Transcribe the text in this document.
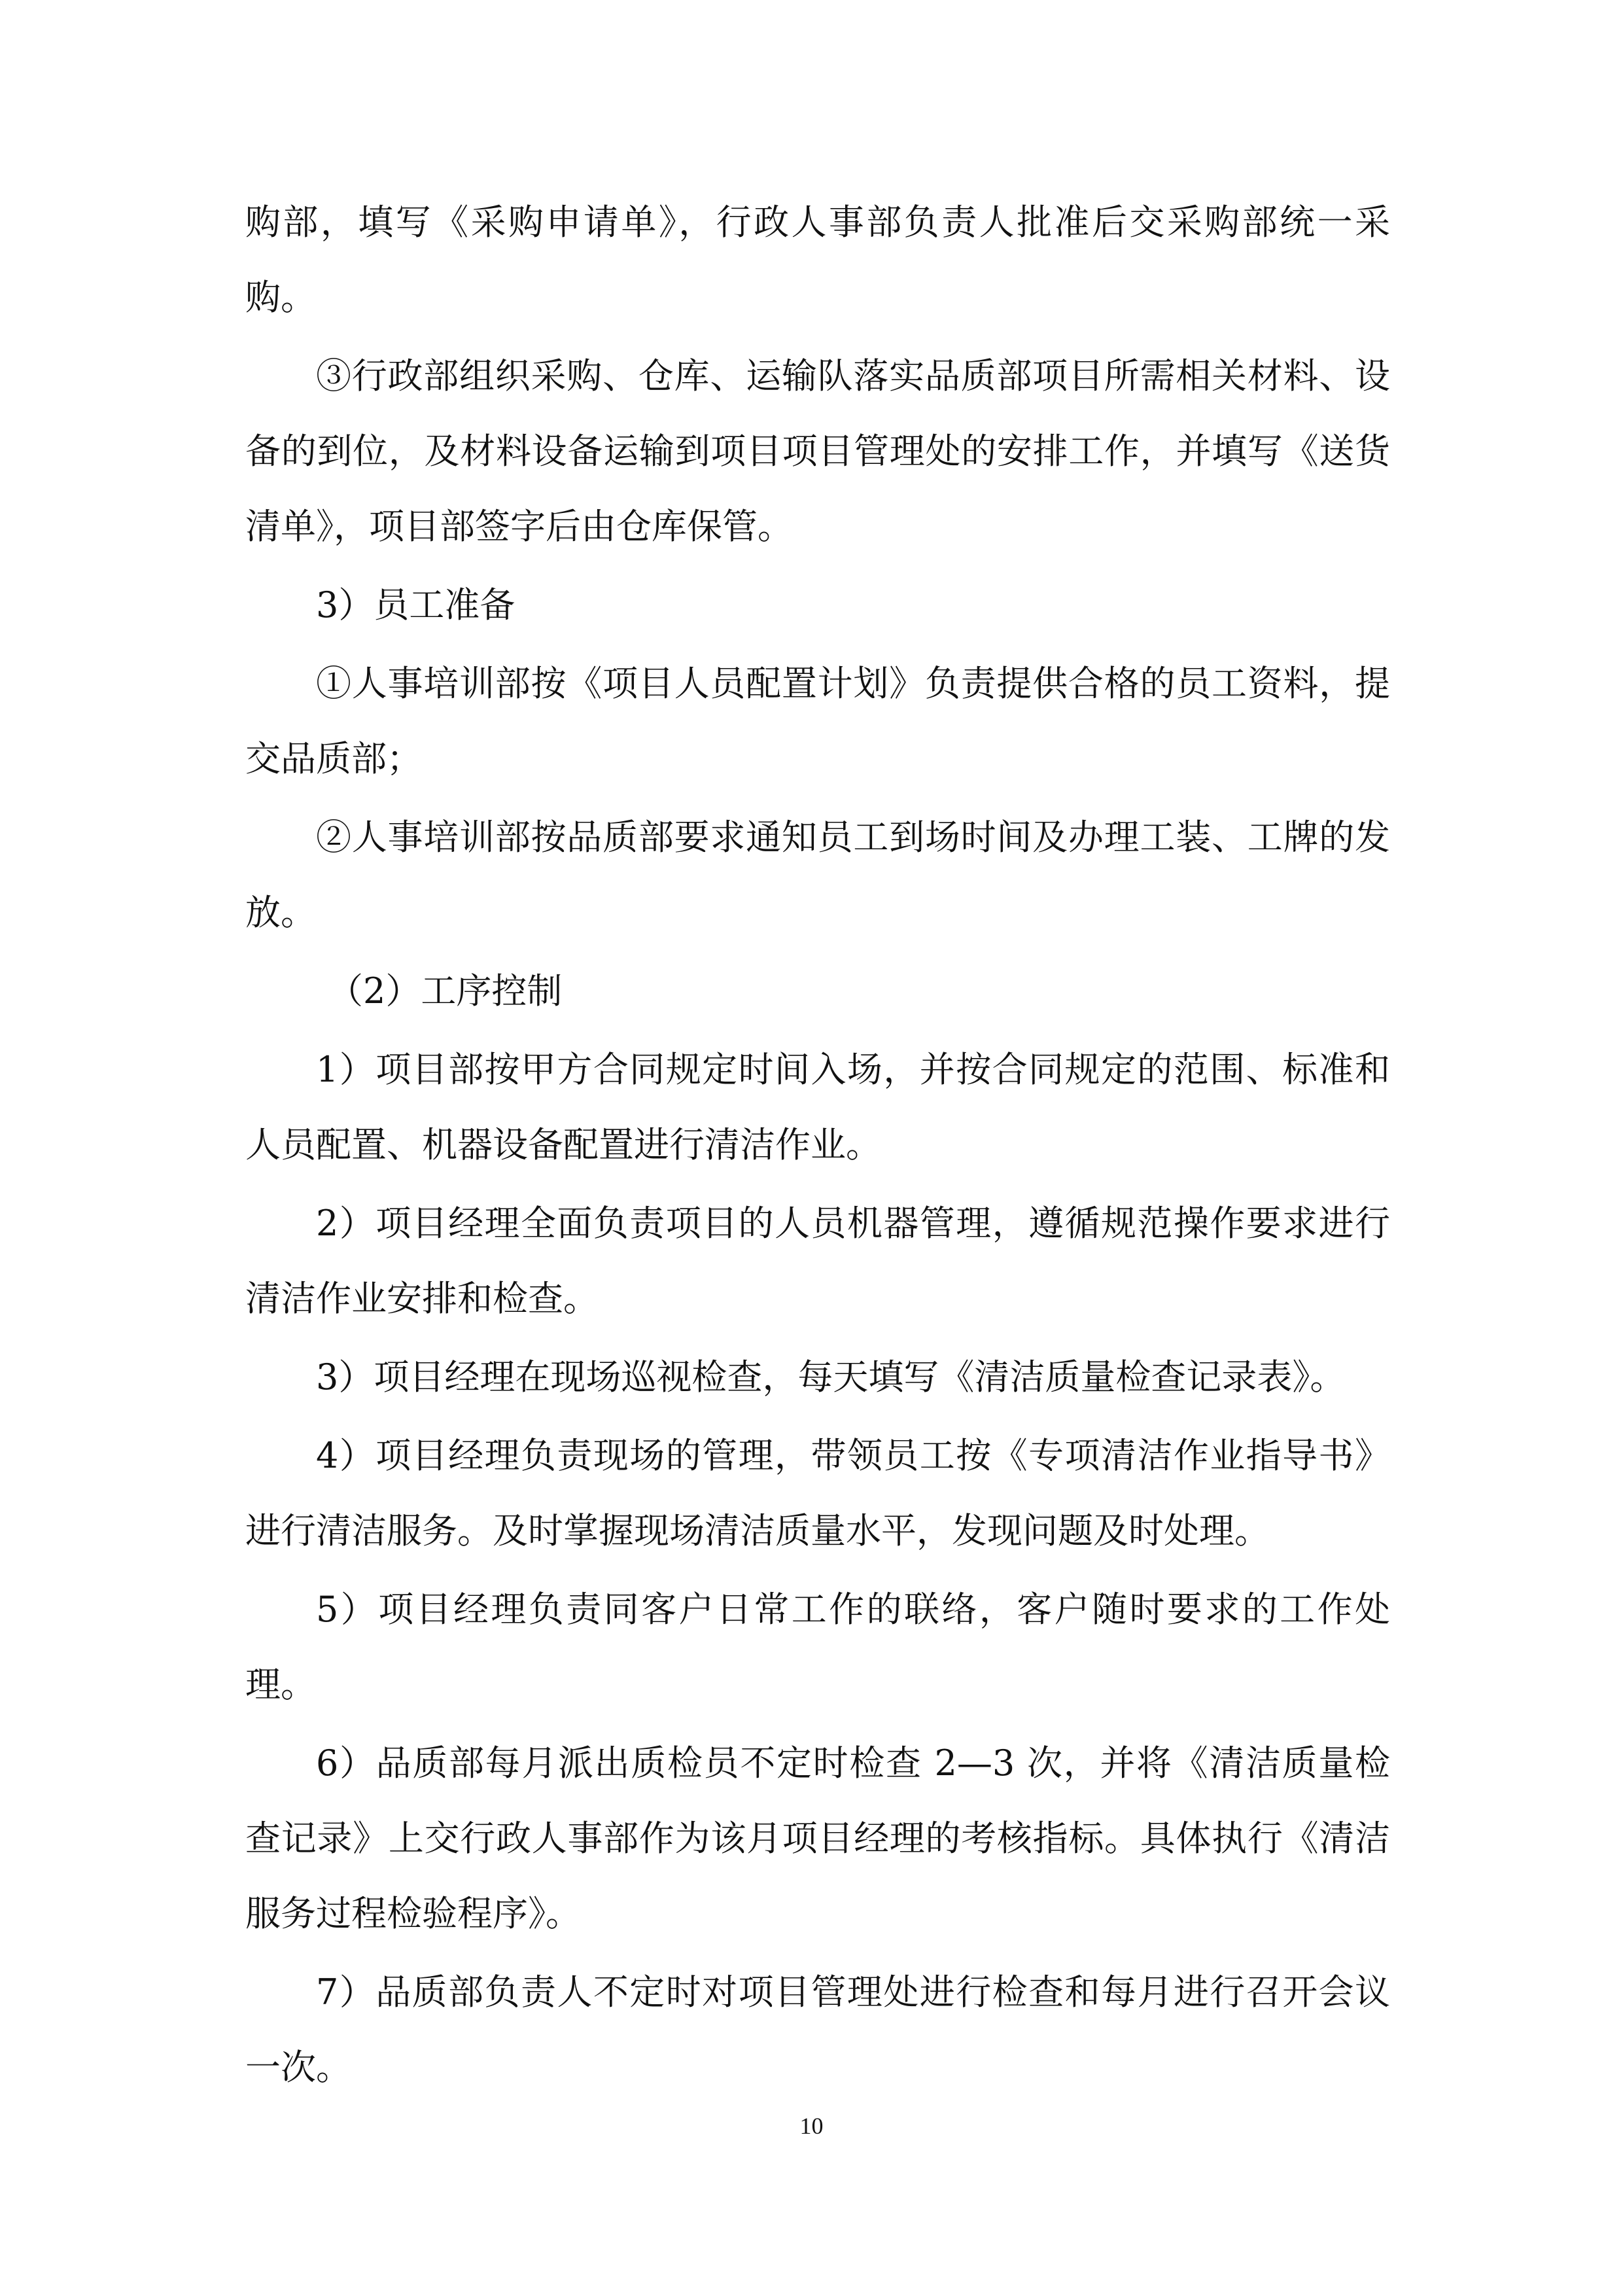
购部，填写《采购申请单》，行政人事部负责人批准后交采购部统一采购。

③行政部组织采购、仓库、运输队落实品质部项目所需相关材料、设备的到位，及材料设备运输到项目项目管理处的安排工作，并填写《送货清单》，项目部签字后由仓库保管。

3）员工准备

①人事培训部按《项目人员配置计划》负责提供合格的员工资料，提交品质部；

②人事培训部按品质部要求通知员工到场时间及办理工装、工牌的发放。

（2）工序控制

1）项目部按甲方合同规定时间入场，并按合同规定的范围、标准和人员配置、机器设备配置进行清洁作业。

2）项目经理全面负责项目的人员机器管理，遵循规范操作要求进行清洁作业安排和检查。

3）项目经理在现场巡视检查，每天填写《清洁质量检查记录表》。

4）项目经理负责现场的管理，带领员工按《专项清洁作业指导书》进行清洁服务。及时掌握现场清洁质量水平，发现问题及时处理。

5）项目经理负责同客户日常工作的联络，客户随时要求的工作处理。

6）品质部每月派出质检员不定时检查 2—3 次，并将《清洁质量检查记录》上交行政人事部作为该月项目经理的考核指标。具体执行《清洁服务过程检验程序》。

7）品质部负责人不定时对项目管理处进行检查和每月进行召开会议一次。

10
